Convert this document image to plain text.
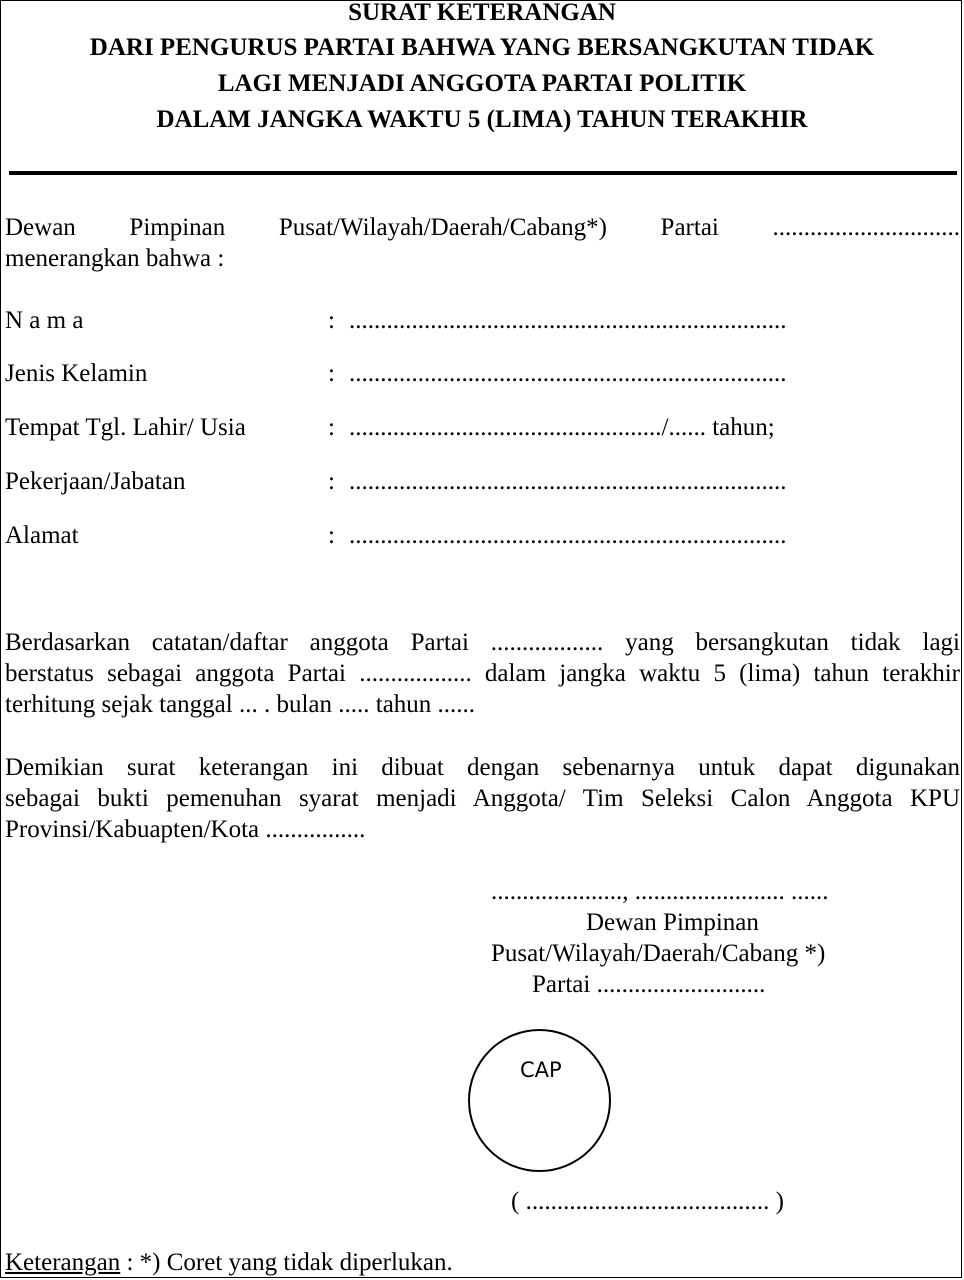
SURAT KETERANGAN
DARI PENGURUS PARTAI BAHWA YANG BERSANGKUTAN TIDAK
LAGI MENJADI ANGGOTA PARTAI POLITIK
DALAM JANGKA WAKTU 5 (LIMA) TAHUN TERAKHIR
Dewan Pimpinan Pusat/Wilayah/Daerah/Cabang*) Partai ..............................
menerangkan bahwa :
N a m a	: ......................................................................
Jenis Kelamin	: ......................................................................
Tempat Tgl. Lahir/ Usia	: ................................................../...... tahun;
Pekerjaan/Jabatan	: ......................................................................
Alamat	: ......................................................................
Berdasarkan catatan/daftar anggota Partai .................. yang bersangkutan tidak lagi
berstatus sebagai anggota Partai .................. dalam jangka waktu 5 (lima) tahun terakhir
terhitung sejak tanggal ... . bulan ..... tahun ......
Demikian surat keterangan ini dibuat dengan sebenarnya untuk dapat digunakan
sebagai bukti pemenuhan syarat menjadi Anggota/ Tim Seleksi Calon Anggota KPU
Provinsi/Kabuapten/Kota ................
....................., ........................ ......
Dewan Pimpinan
Pusat/Wilayah/Daerah/Cabang *)
Partai ...........................
CAP
( ....................................... )
Keterangan : *) Coret yang tidak diperlukan.
